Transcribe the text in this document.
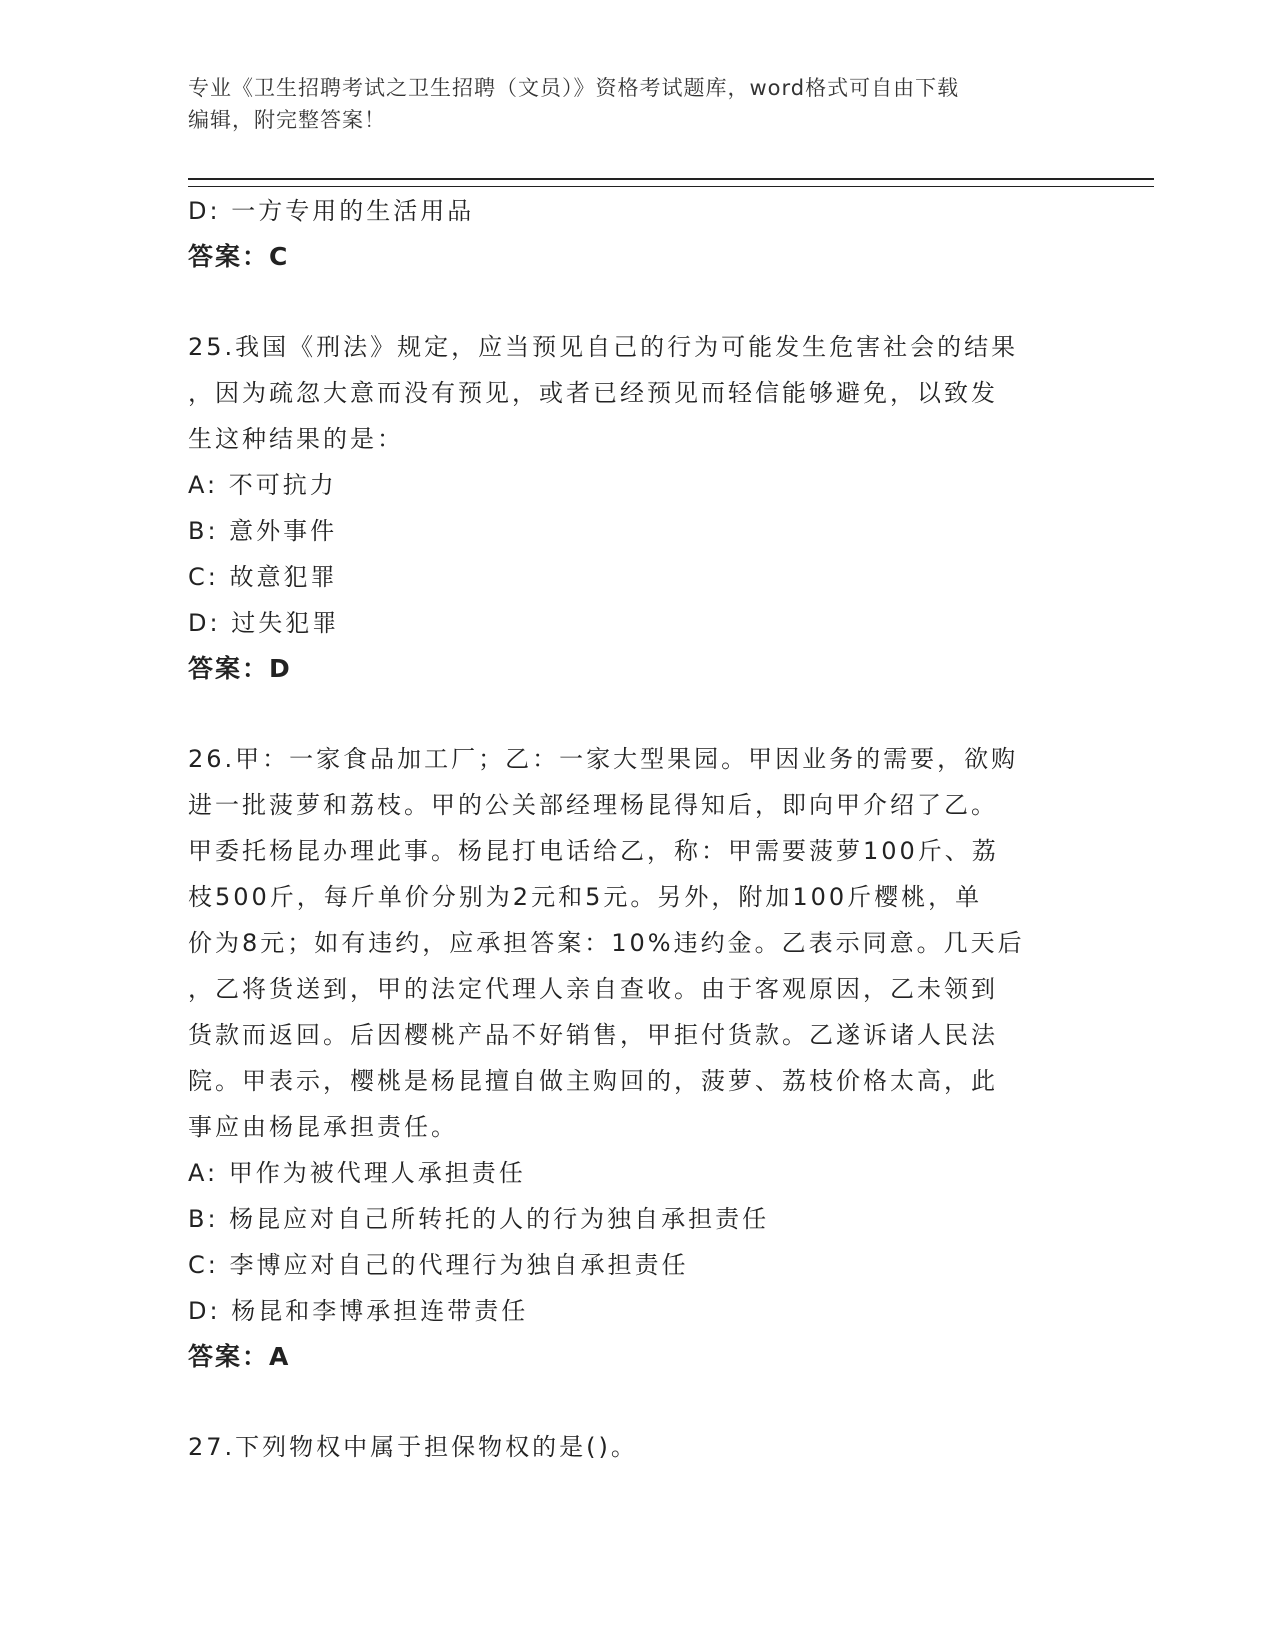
专业《卫生招聘考试之卫生招聘（文员）》资格考试题库，word格式可自由下载
编辑，附完整答案！
D: 一方专用的生活用品
答案：C
25.我国《刑法》规定，应当预见自己的行为可能发生危害社会的结果
，因为疏忽大意而没有预见，或者已经预见而轻信能够避免，以致发
生这种结果的是：
A: 不可抗力
B: 意外事件
C: 故意犯罪
D: 过失犯罪
答案：D
26.甲：一家食品加工厂；乙：一家大型果园。甲因业务的需要，欲购
进一批菠萝和荔枝。甲的公关部经理杨昆得知后，即向甲介绍了乙。
甲委托杨昆办理此事。杨昆打电话给乙，称：甲需要菠萝100斤、荔
枝500斤，每斤单价分别为2元和5元。另外，附加100斤樱桃，单
价为8元；如有违约，应承担答案：10%违约金。乙表示同意。几天后
，乙将货送到，甲的法定代理人亲自查收。由于客观原因，乙未领到
货款而返回。后因樱桃产品不好销售，甲拒付货款。乙遂诉诸人民法
院。甲表示，樱桃是杨昆擅自做主购回的，菠萝、荔枝价格太高，此
事应由杨昆承担责任。
A: 甲作为被代理人承担责任
B: 杨昆应对自己所转托的人的行为独自承担责任
C: 李博应对自己的代理行为独自承担责任
D: 杨昆和李博承担连带责任
答案：A
27.下列物权中属于担保物权的是()。
